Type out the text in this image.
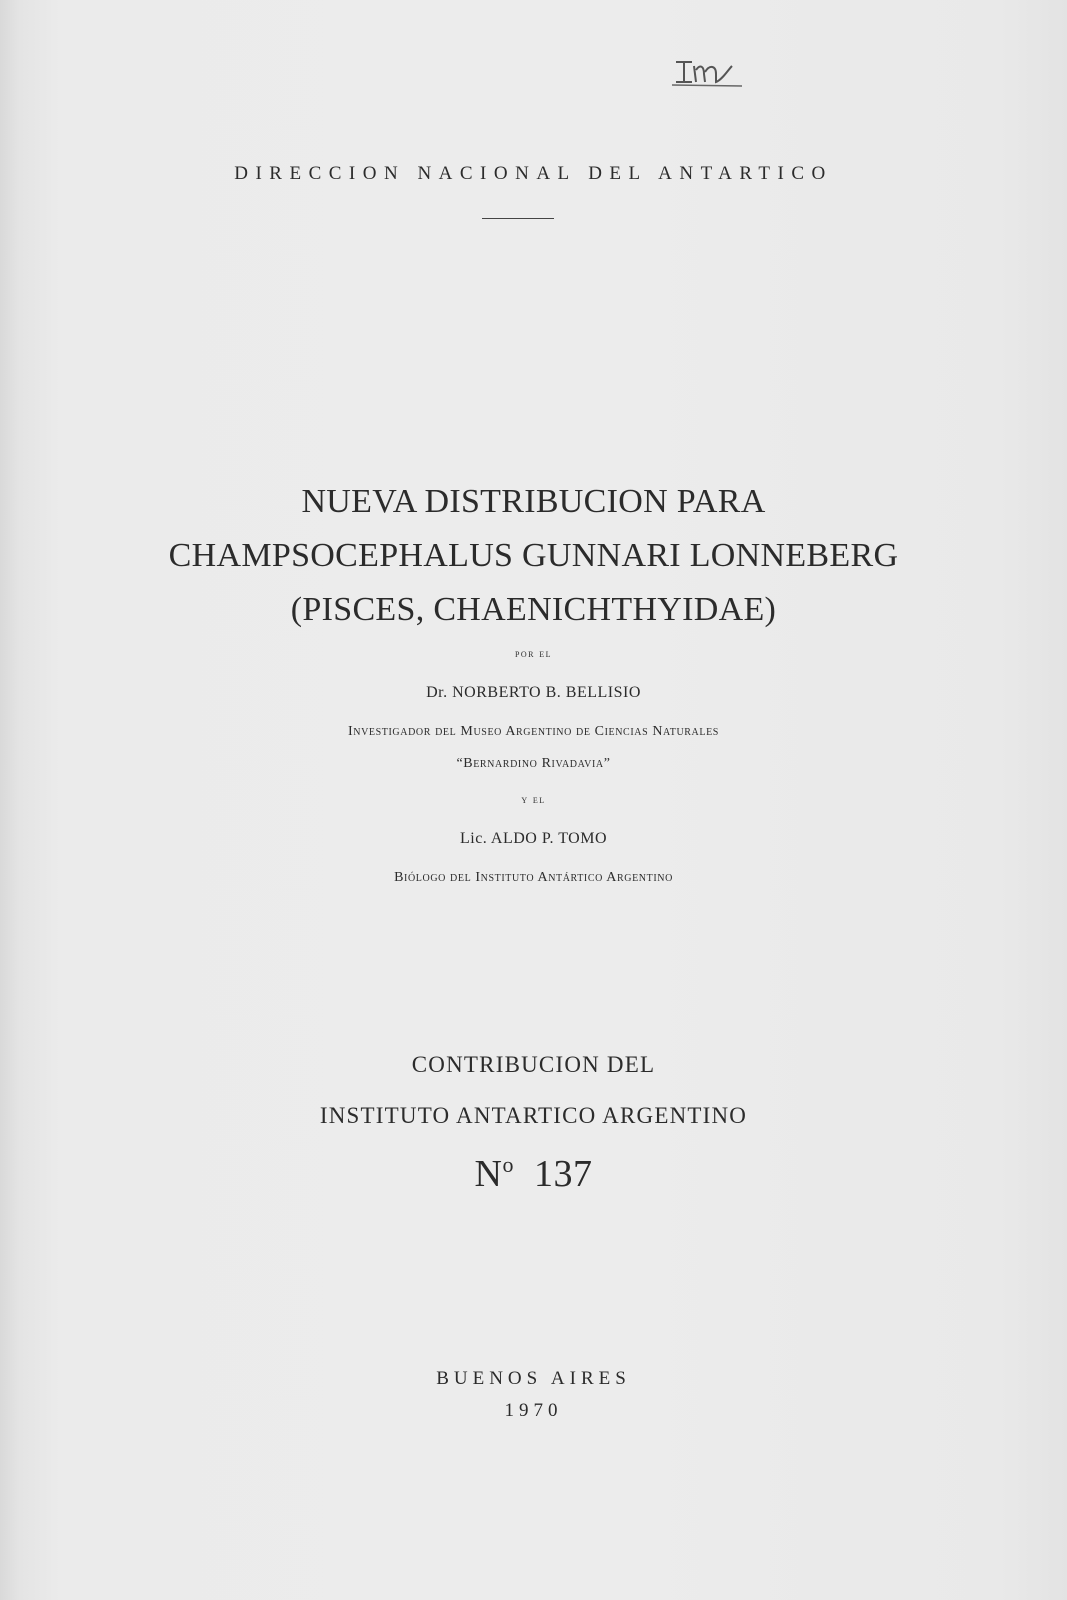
DIRECCION NACIONAL DEL ANTARTICO
NUEVA DISTRIBUCION PARA
CHAMPSOCEPHALUS GUNNARI LONNEBERG
(PISCES, CHAENICHTHYIDAE)
por el
Dr. NORBERTO B. BELLISIO
Investigador del Museo Argentino de Ciencias Naturales
“Bernardino Rivadavia”
y el
Lic. ALDO P. TOMO
Biólogo del Instituto Antártico Argentino
CONTRIBUCION DEL
INSTITUTO ANTARTICO ARGENTINO
$N^o$ 137
BUENOS AIRES
1970
